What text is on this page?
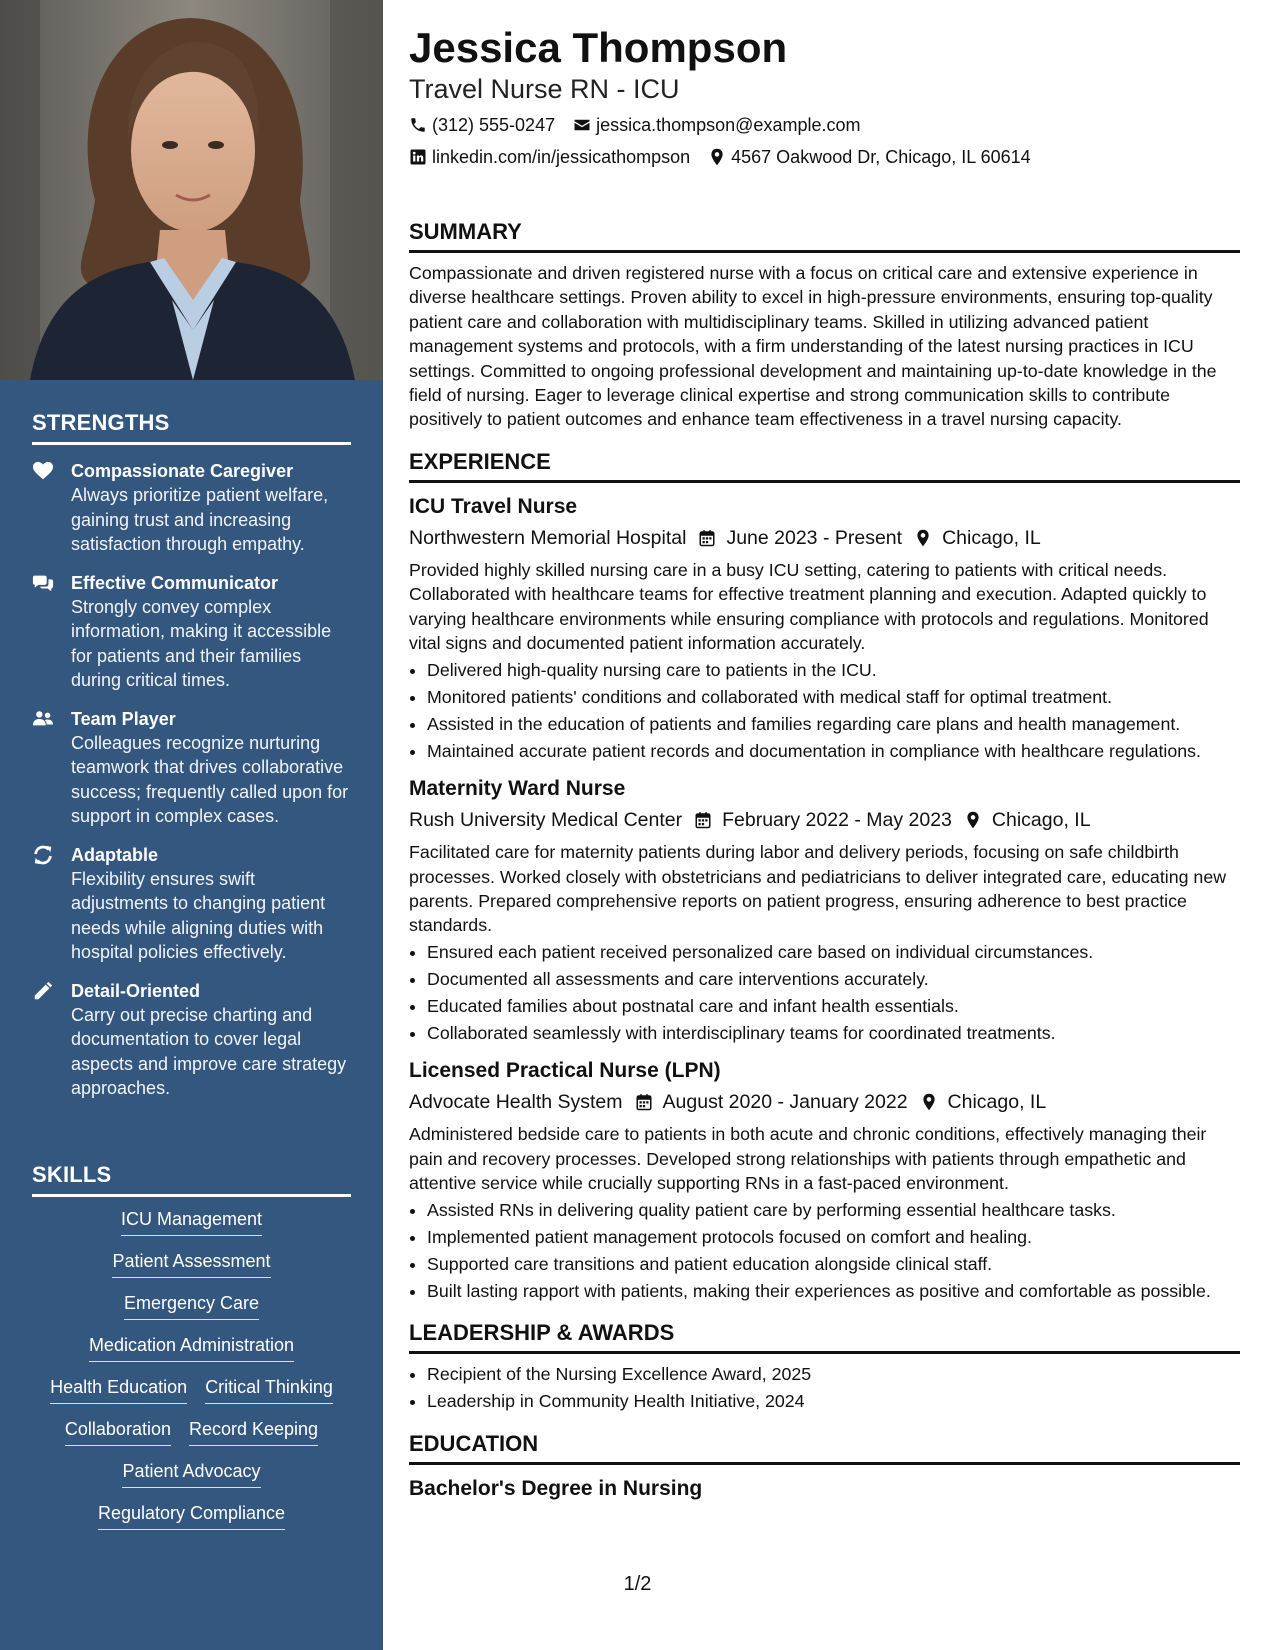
STRENGTHS
Compassionate Caregiver
Always prioritize patient welfare, gaining trust and increasing satisfaction through empathy.
Effective Communicator
Strongly convey complex information, making it accessible for patients and their families during critical times.
Team Player
Colleagues recognize nurturing teamwork that drives collaborative success; frequently called upon for support in complex cases.
Adaptable
Flexibility ensures swift adjustments to changing patient needs while aligning duties with hospital policies effectively.
Detail-Oriented
Carry out precise charting and documentation to cover legal aspects and improve care strategy approaches.
SKILLS
ICU Management
Patient Assessment
Emergency Care
Medication Administration
Health Education Critical Thinking
Collaboration Record Keeping
Patient Advocacy
Regulatory Compliance
Jessica Thompson
Travel Nurse RN - ICU
(312) 555-0247 jessica.thompson@example.com
linkedin.com/in/jessicathompson 4567 Oakwood Dr, Chicago, IL 60614
SUMMARY
Compassionate and driven registered nurse with a focus on critical care and extensive experience in diverse healthcare settings. Proven ability to excel in high-pressure environments, ensuring top-quality patient care and collaboration with multidisciplinary teams. Skilled in utilizing advanced patient management systems and protocols, with a firm understanding of the latest nursing practices in ICU settings. Committed to ongoing professional development and maintaining up-to-date knowledge in the field of nursing. Eager to leverage clinical expertise and strong communication skills to contribute positively to patient outcomes and enhance team effectiveness in a travel nursing capacity.
EXPERIENCE
ICU Travel Nurse
Northwestern Memorial Hospital June 2023 - Present Chicago, IL
Provided highly skilled nursing care in a busy ICU setting, catering to patients with critical needs. Collaborated with healthcare teams for effective treatment planning and execution. Adapted quickly to varying healthcare environments while ensuring compliance with protocols and regulations. Monitored vital signs and documented patient information accurately.
• Delivered high-quality nursing care to patients in the ICU.
• Monitored patients' conditions and collaborated with medical staff for optimal treatment.
• Assisted in the education of patients and families regarding care plans and health management.
• Maintained accurate patient records and documentation in compliance with healthcare regulations.
Maternity Ward Nurse
Rush University Medical Center February 2022 - May 2023 Chicago, IL
Facilitated care for maternity patients during labor and delivery periods, focusing on safe childbirth processes. Worked closely with obstetricians and pediatricians to deliver integrated care, educating new parents. Prepared comprehensive reports on patient progress, ensuring adherence to best practice standards.
• Ensured each patient received personalized care based on individual circumstances.
• Documented all assessments and care interventions accurately.
• Educated families about postnatal care and infant health essentials.
• Collaborated seamlessly with interdisciplinary teams for coordinated treatments.
Licensed Practical Nurse (LPN)
Advocate Health System August 2020 - January 2022 Chicago, IL
Administered bedside care to patients in both acute and chronic conditions, effectively managing their pain and recovery processes. Developed strong relationships with patients through empathetic and attentive service while crucially supporting RNs in a fast-paced environment.
• Assisted RNs in delivering quality patient care by performing essential healthcare tasks.
• Implemented patient management protocols focused on comfort and healing.
• Supported care transitions and patient education alongside clinical staff.
• Built lasting rapport with patients, making their experiences as positive and comfortable as possible.
LEADERSHIP & AWARDS
• Recipient of the Nursing Excellence Award, 2025
• Leadership in Community Health Initiative, 2024
EDUCATION
Bachelor's Degree in Nursing
1/2
